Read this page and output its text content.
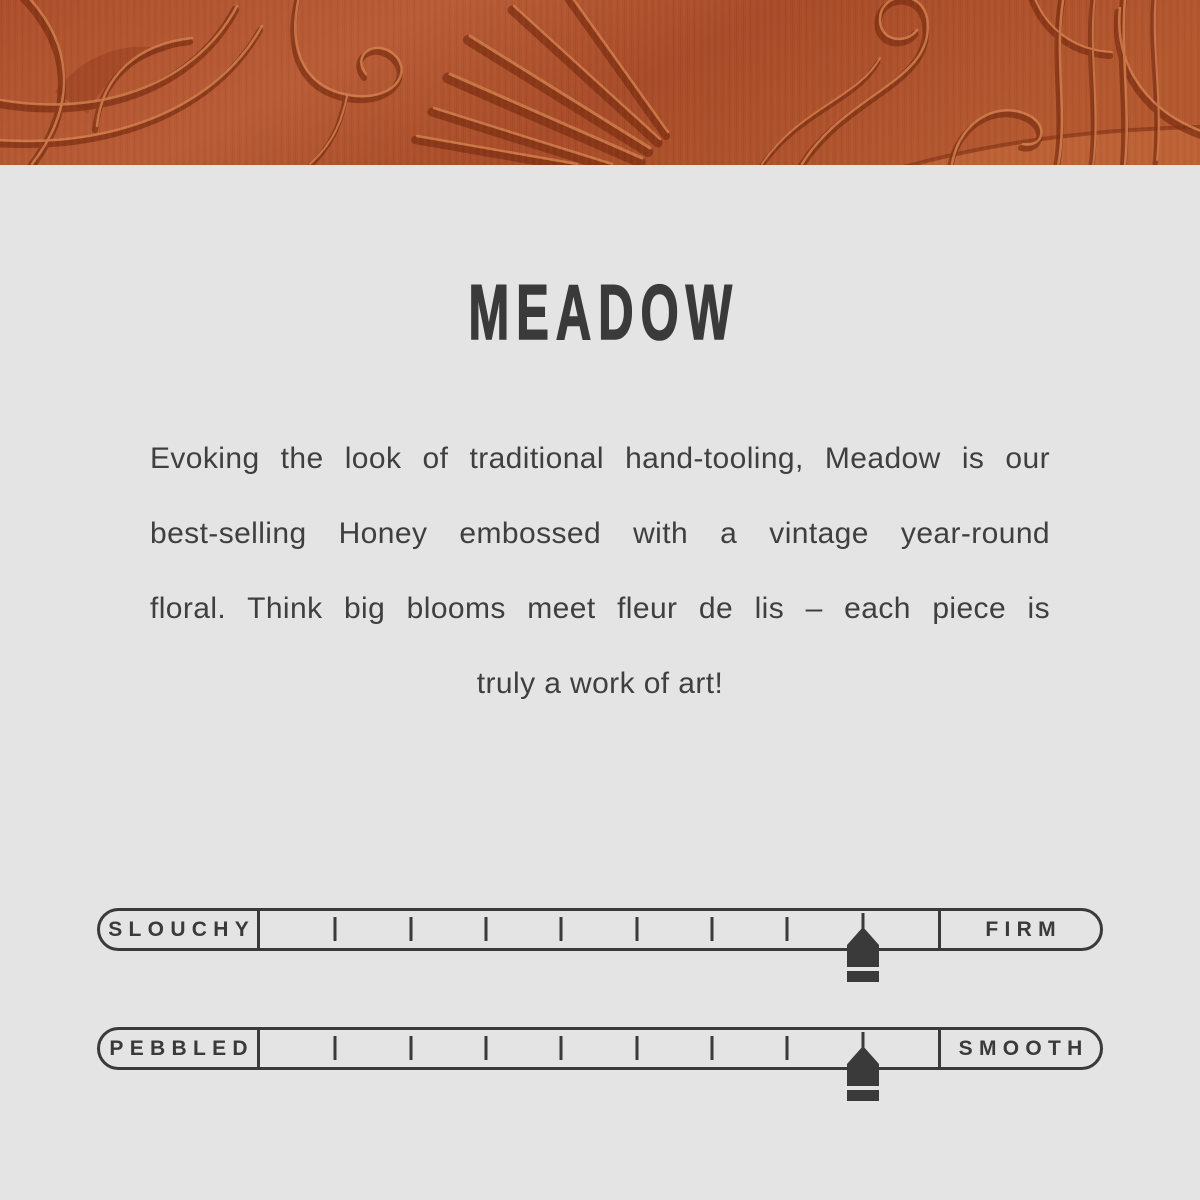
MEADOW
Evoking the look of traditional hand-tooling, Meadow is our
best-selling Honey embossed with a vintage year-round
floral. Think big blooms meet fleur de lis – each piece is
truly a work of art!
SLOUCHY	FIRM
PEBBLED	SMOOTH
